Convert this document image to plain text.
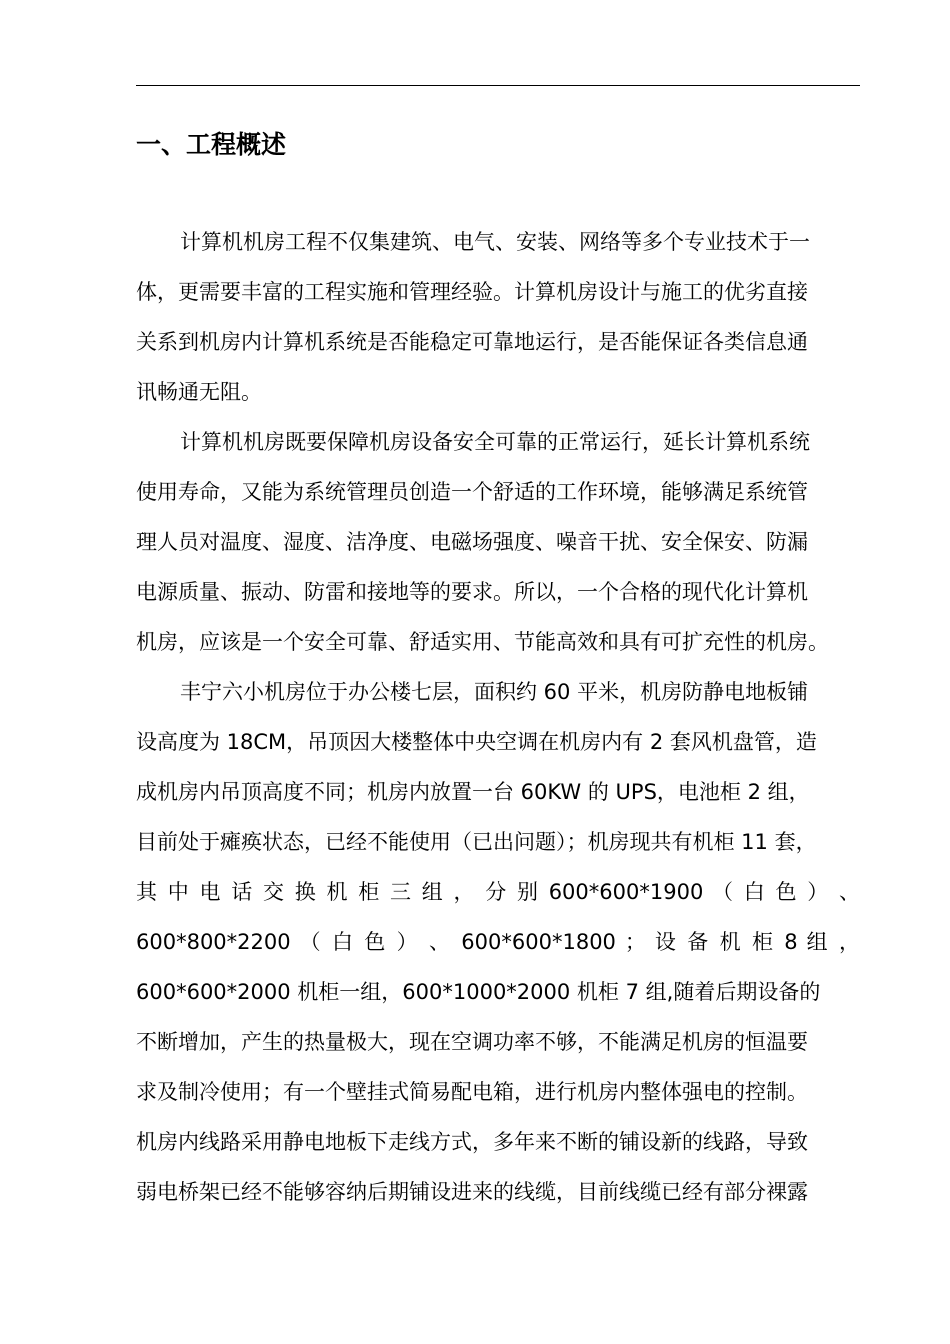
一、工程概述
计算机机房工程不仅集建筑、电气、安装、网络等多个专业技术于一
体，更需要丰富的工程实施和管理经验。计算机房设计与施工的优劣直接
关系到机房内计算机系统是否能稳定可靠地运行，是否能保证各类信息通
讯畅通无阻。
计算机机房既要保障机房设备安全可靠的正常运行，延长计算机系统
使用寿命，又能为系统管理员创造一个舒适的工作环境，能够满足系统管
理人员对温度、湿度、洁净度、电磁场强度、噪音干扰、安全保安、防漏
电源质量、振动、防雷和接地等的要求。所以，一个合格的现代化计算机
机房，应该是一个安全可靠、舒适实用、节能高效和具有可扩充性的机房。
丰宁六小机房位于办公楼七层，面积约 60 平米，机房防静电地板铺
设高度为 18CM，吊顶因大楼整体中央空调在机房内有 2 套风机盘管，造
成机房内吊顶高度不同；机房内放置一台 60KW 的 UPS，电池柜 2 组，
目前处于瘫痪状态，已经不能使用（已出问题）；机房现共有机柜 11 套，
其 中 电 话 交 换 机 柜 三 组 ， 分 别 600*600*1900 （ 白 色 ） 、
600*800*2200 （ 白 色 ） 、 600*600*1800 ； 设 备 机 柜 8 组 ，
600*600*2000 机柜一组，600*1000*2000 机柜 7 组,随着后期设备的
不断增加，产生的热量极大，现在空调功率不够，不能满足机房的恒温要
求及制冷使用；有一个壁挂式简易配电箱，进行机房内整体强电的控制。
机房内线路采用静电地板下走线方式，多年来不断的铺设新的线路，导致
弱电桥架已经不能够容纳后期铺设进来的线缆，目前线缆已经有部分裸露
